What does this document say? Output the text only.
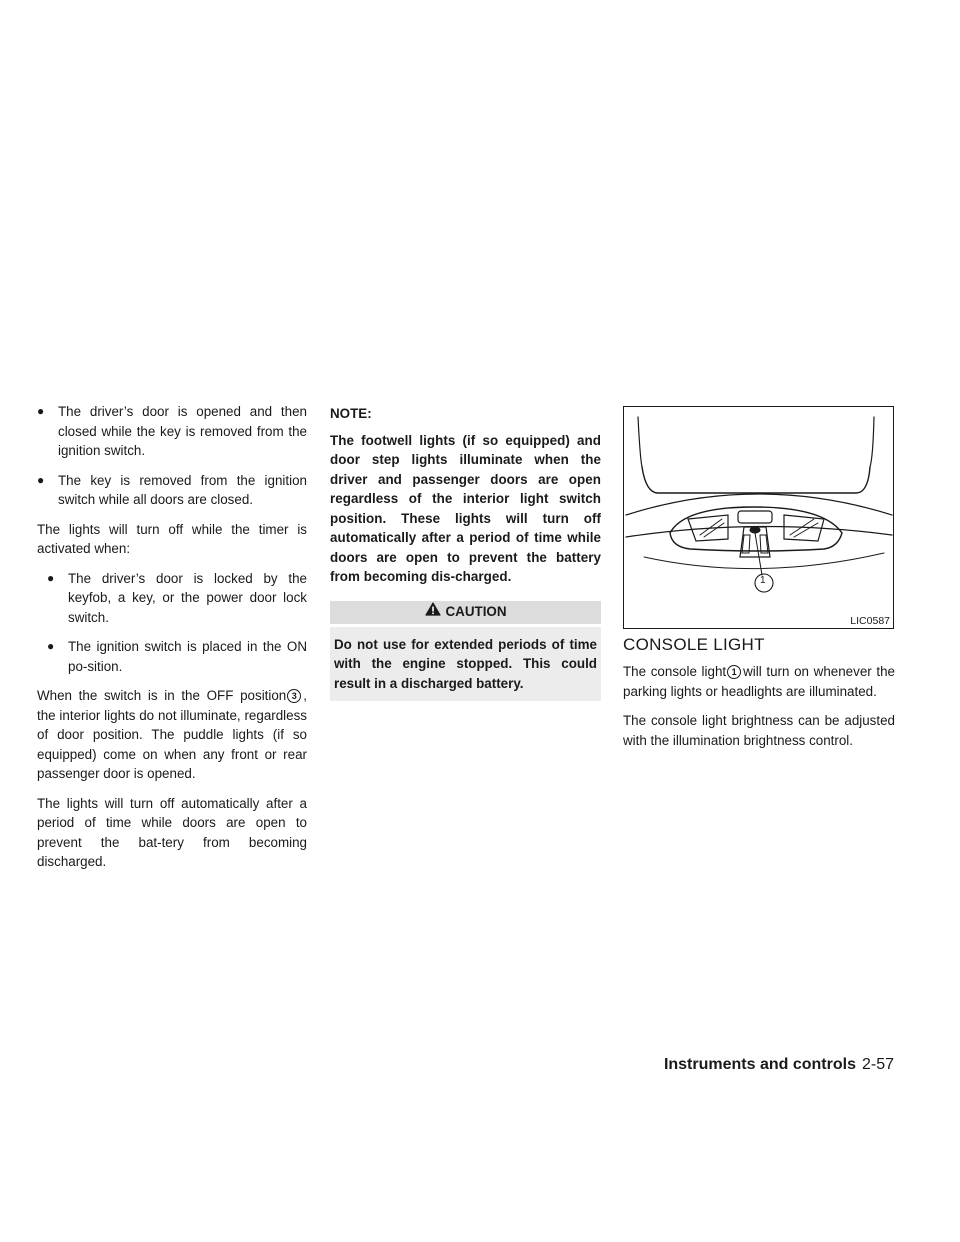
● The driver’s door is opened and then closed while the key is removed from the ignition switch.
● The key is removed from the ignition switch while all doors are closed.

The lights will turn off while the timer is activated when:

● The driver’s door is locked by the keyfob, a key, or the power door lock switch.
● The ignition switch is placed in the ON po-sition.

When the switch is in the OFF position 3 , the interior lights do not illuminate, regardless of door position. The puddle lights (if so equipped) come on when any front or rear passenger door is opened.

The lights will turn off automatically after a period of time while doors are open to prevent the bat-tery from becoming discharged.

NOTE:
The footwell lights (if so equipped) and door step lights illuminate when the driver and passenger doors are open regardless of the interior light switch position. These lights will turn off automatically after a period of time while doors are open to prevent the battery from becoming dis-charged.
CAUTION
Do not use for extended periods of time with the engine stopped. This could result in a discharged battery.
1
LIC0587
CONSOLE LIGHT

The console light 1 will turn on whenever the parking lights or headlights are illuminated.

The console light brightness can be adjusted with the illumination brightness control.

Instruments and controls 2-57
